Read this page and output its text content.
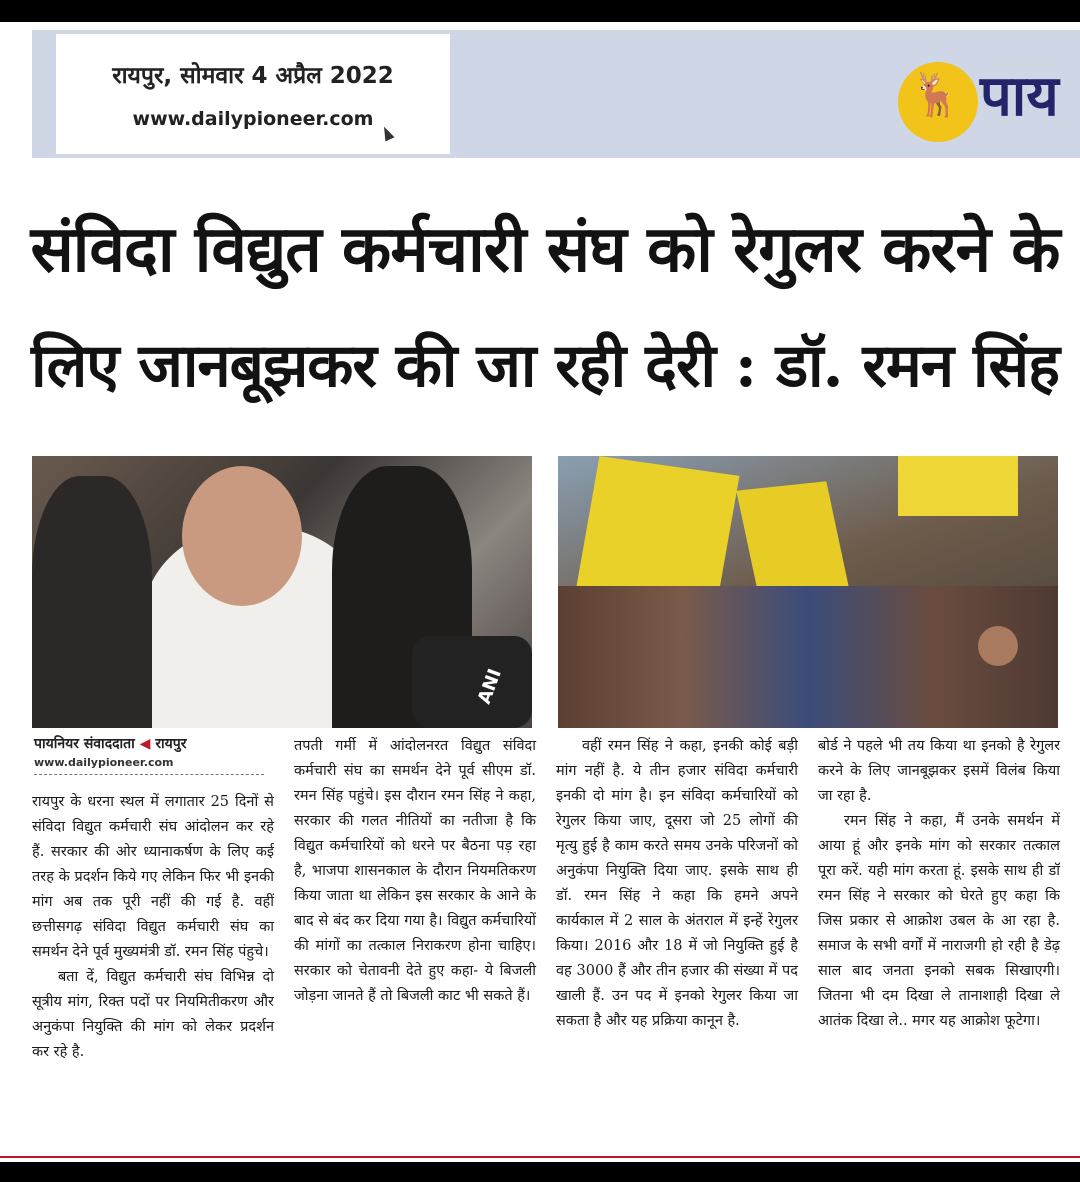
रायपुर, सोमवार 4 अप्रैल 2022
www.dailypioneer.com	🦌 पाय
संविदा विद्युत कर्मचारी संघ को रेगुलर करने के
लिए जानबूझकर की जा रही देरी : डॉ. रमन सिंह
ANI
पायनियर संवाददाता ◀ रायपुर
www.dailypioneer.com

रायपुर के धरना स्थल में लगातार 25 दिनों से संविदा विद्युत कर्मचारी संघ आंदोलन कर रहे हैं. सरकार की ओर ध्यानाकर्षण के लिए कई तरह के प्रदर्शन किये गए लेकिन फिर भी इनकी मांग अब तक पूरी नहीं की गई है. वहीं छत्तीसगढ़ संविदा विद्युत कर्मचारी संघ का समर्थन देने पूर्व मुख्यमंत्री डॉ. रमन सिंह पंहुचे।

बता दें, विद्युत कर्मचारी संघ विभिन्न दो सूत्रीय मांग, रिक्त पदों पर नियमितीकरण और अनुकंपा नियुक्ति की मांग को लेकर प्रदर्शन कर रहे है.

तपती गर्मी में आंदोलनरत विद्युत संविदा कर्मचारी संघ का समर्थन देने पूर्व सीएम डॉ. रमन सिंह पहुंचे। इस दौरान रमन सिंह ने कहा, सरकार की गलत नीतियों का नतीजा है कि विद्युत कर्मचारियों को धरने पर बैठना पड़ रहा है, भाजपा शासनकाल के दौरान नियमतिकरण किया जाता था लेकिन इस सरकार के आने के बाद से बंद कर दिया गया है। विद्युत कर्मचारियों की मांगों का तत्काल निराकरण होना चाहिए। सरकार को चेतावनी देते हुए कहा- ये बिजली जोड़ना जानते हैं तो बिजली काट भी सकते हैं।

वहीं रमन सिंह ने कहा, इनकी कोई बड़ी मांग नहीं है. ये तीन हजार संविदा कर्मचारी इनकी दो मांग है। इन संविदा कर्मचारियों को रेगुलर किया जाए, दूसरा जो 25 लोगों की मृत्यु हुई है काम करते समय उनके परिजनों को अनुकंपा नियुक्ति दिया जाए. इसके साथ ही डॉ. रमन सिंह ने कहा कि हमने अपने कार्यकाल में 2 साल के अंतराल में इन्हें रेगुलर किया। 2016 और 18 में जो नियुक्ति हुई है वह 3000 हैं और तीन हजार की संख्या में पद खाली हैं. उन पद में इनको रेगुलर किया जा सकता है और यह प्रक्रिया कानून है.

बोर्ड ने पहले भी तय किया था इनको है रेगुलर करने के लिए जानबूझकर इसमें विलंब किया जा रहा है.

रमन सिंह ने कहा, मैं उनके समर्थन में आया हूं और इनके मांग को सरकार तत्काल पूरा करें. यही मांग करता हूं. इसके साथ ही डॉ रमन सिंह ने सरकार को घेरते हुए कहा कि जिस प्रकार से आक्रोश उबल के आ रहा है. समाज के सभी वर्गों में नाराजगी हो रही है डेढ़ साल बाद जनता इनको सबक सिखाएगी। जितना भी दम दिखा ले तानाशाही दिखा ले आतंक दिखा ले.. मगर यह आक्रोश फूटेगा।
